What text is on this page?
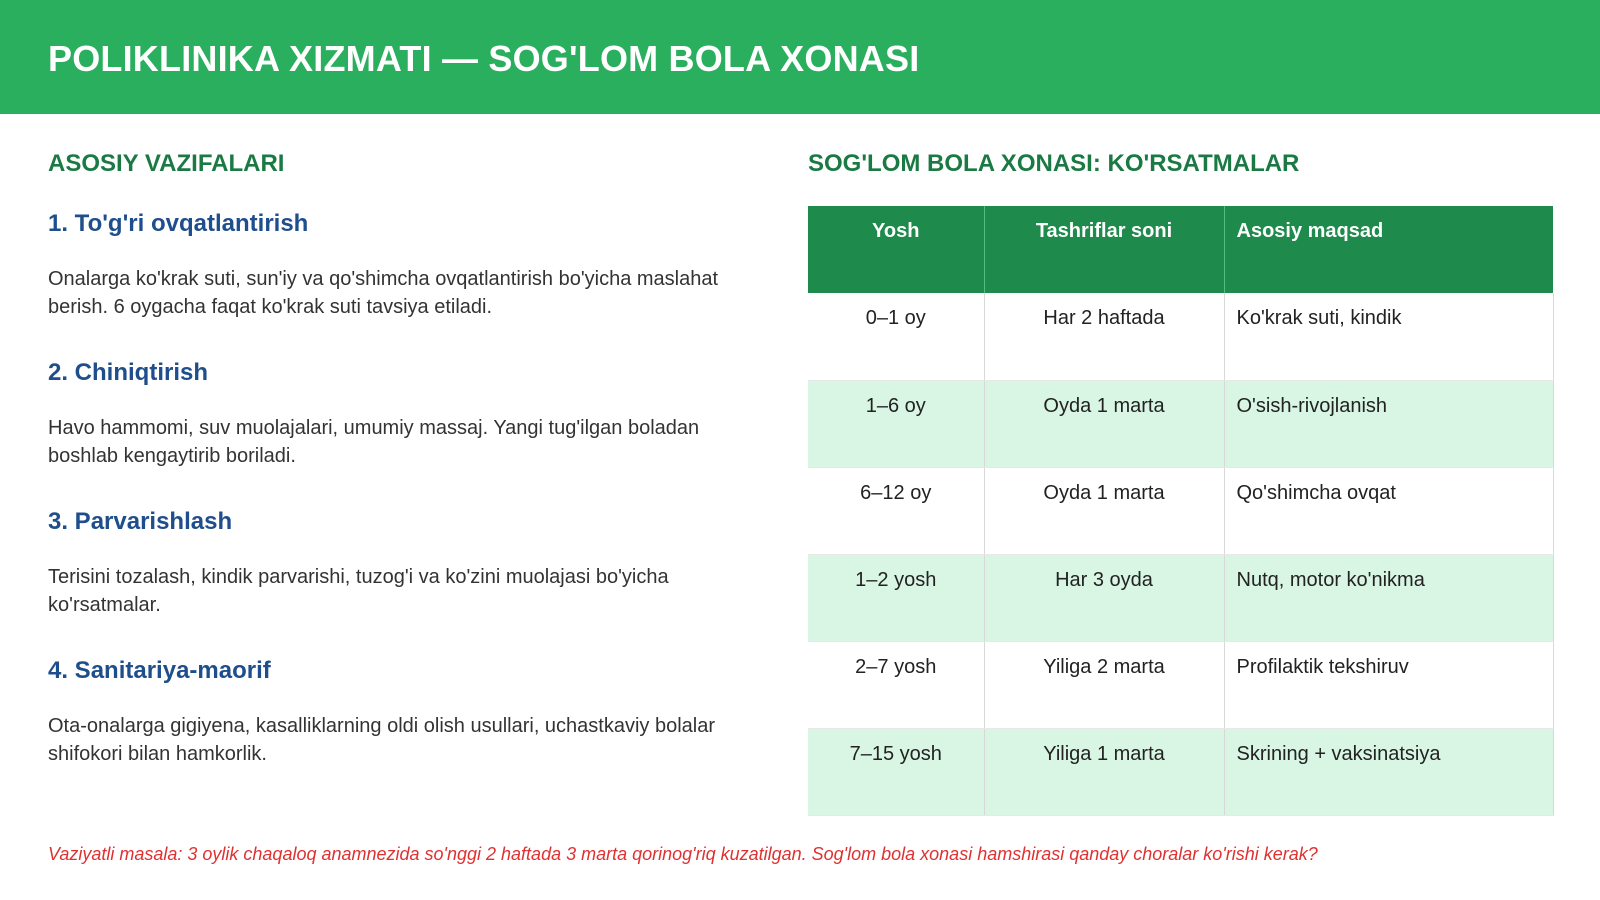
POLIKLINIKA XIZMATI — SOG'LOM BOLA XONASI
ASOSIY VAZIFALARI
1. To'g'ri ovqatlantirish

Onalarga ko'krak suti, sun'iy va qo'shimcha ovqatlantirish bo'yicha maslahat berish. 6 oygacha faqat ko'krak suti tavsiya etiladi.

2. Chiniqtirish

Havo hammomi, suv muolajalari, umumiy massaj. Yangi tug'ilgan boladan boshlab kengaytirib boriladi.

3. Parvarishlash

Terisini tozalash, kindik parvarishi, tuzog'i va ko'zini muolajasi bo'yicha ko'rsatmalar.

4. Sanitariya-maorif

Ota-onalarga gigiyena, kasalliklarning oldi olish usullari, uchastkaviy bolalar shifokori bilan hamkorlik.

SOG'LOM BOLA XONASI: KO'RSATMALAR
Yosh	Tashriflar soni	Asosiy maqsad
0–1 oy	Har 2 haftada	Ko'krak suti, kindik
1–6 oy	Oyda 1 marta	O'sish-rivojlanish
6–12 oy	Oyda 1 marta	Qo'shimcha ovqat
1–2 yosh	Har 3 oyda	Nutq, motor ko'nikma
2–7 yosh	Yiliga 2 marta	Profilaktik tekshiruv
7–15 yosh	Yiliga 1 marta	Skrining + vaksinatsiya
Vaziyatli masala: 3 oylik chaqaloq anamnezida so'nggi 2 haftada 3 marta qorinog'riq kuzatilgan. Sog'lom bola xonasi hamshirasi qanday choralar ko'rishi kerak?
